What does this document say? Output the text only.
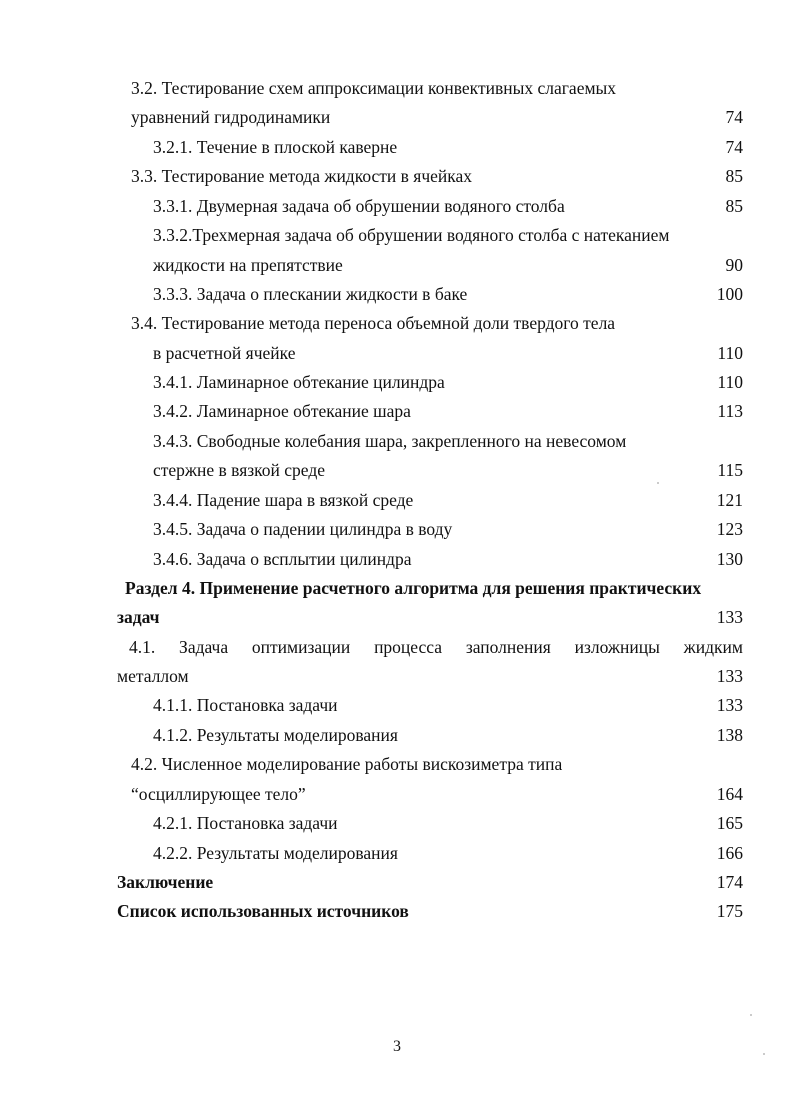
3.2. Тестирование схем аппроксимации конвективных слагаемых
уравнений гидродинамики	74
3.2.1. Течение в плоской каверне	74
3.3. Тестирование метода жидкости в ячейках	85
3.3.1. Двумерная задача об обрушении водяного столба	85
3.3.2.Трехмерная задача об обрушении водяного столба с натеканием
жидкости на препятствие	90
3.3.3. Задача о плескании жидкости в баке	100
3.4. Тестирование метода переноса объемной доли твердого тела
в расчетной ячейке	110
3.4.1. Ламинарное обтекание цилиндра	110
3.4.2. Ламинарное обтекание шара	113
3.4.3. Свободные колебания шара, закрепленного на невесомом
стержне в вязкой среде	115
3.4.4. Падение шара в вязкой среде	121
3.4.5. Задача о падении цилиндра в воду	123
3.4.6. Задача о всплытии цилиндра	130
Раздел 4. Применение расчетного алгоритма для решения практических
задач	133
4.1. Задача оптимизации процесса заполнения изложницы жидким
металлом	133
4.1.1. Постановка задачи	133
4.1.2. Результаты моделирования	138
4.2. Численное моделирование работы вискозиметра типа
“осциллирующее тело”	164
4.2.1. Постановка задачи	165
4.2.2. Результаты моделирования	166
Заключение	174
Список использованных источников	175
3
